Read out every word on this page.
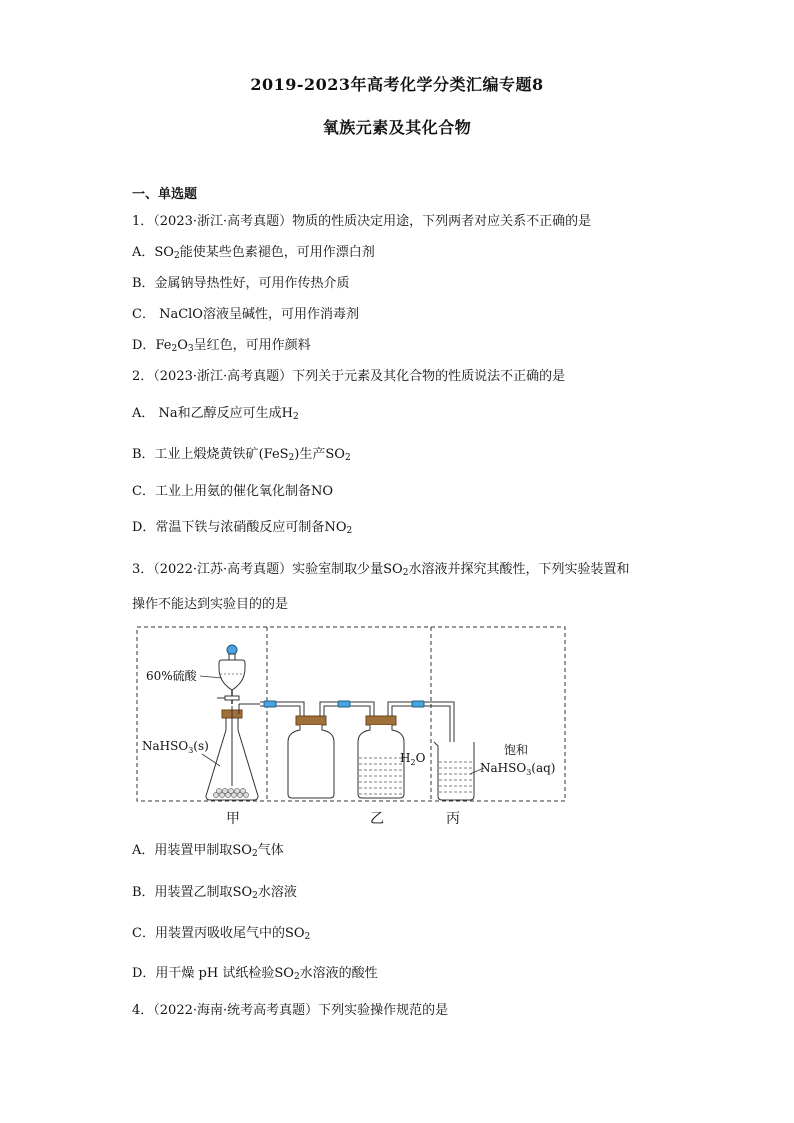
2019-2023年高考化学分类汇编专题8
氧族元素及其化合物
一、单选题
1．（2023·浙江·高考真题）物质的性质决定用途，下列两者对应关系不正确的是
A．$SO_2$能使某些色素褪色，可用作漂白剂
B．金属钠导热性好，可用作传热介质
C． NaClO溶液呈碱性，可用作消毒剂
D．$Fe_2O_3$呈红色，可用作颜料
2．（2023·浙江·高考真题）下列关于元素及其化合物的性质说法不正确的是
A． Na和乙醇反应可生成$H_2$
B．工业上煅烧黄铁矿(FeS$_2$)生产$SO_2$
C．工业上用氨的催化氧化制备NO
D．常温下铁与浓硝酸反应可制备$NO_2$
3．（2022·江苏·高考真题）实验室制取少量$SO_2$水溶液并探究其酸性，下列实验装置和
操作不能达到实验目的的是
60%硫酸
NaHSO$_3$(s)
$H_2O$
饱和
NaHSO$_3$(aq)
甲	乙	丙
A．用装置甲制取$SO_2$气体
B．用装置乙制取$SO_2$水溶液
C．用装置丙吸收尾气中的$SO_2$
D．用干燥 pH 试纸检验$SO_2$水溶液的酸性
4．（2022·海南·统考高考真题）下列实验操作规范的是
